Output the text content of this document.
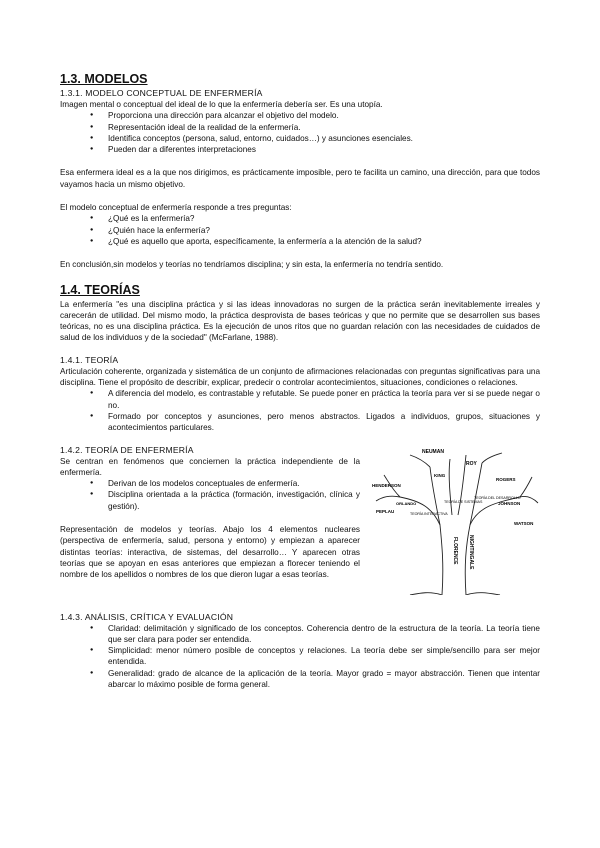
1.3. MODELOS
1.3.1. MODELO CONCEPTUAL DE ENFERMERÍA

Imagen mental o conceptual del ideal de lo que la enfermería debería ser. Es una utopía.

● Proporciona una dirección para alcanzar el objetivo del modelo.
● Representación ideal de la realidad de la enfermería.
● Identifica conceptos (persona, salud, entorno, cuidados…) y asunciones esenciales.
● Pueden dar a diferentes interpretaciones

Esa enfermera ideal es a la que nos dirigimos, es prácticamente imposible, pero te facilita un camino, una dirección, para que todos vayamos hacia un mismo objetivo.

El modelo conceptual de enfermería responde a tres preguntas:

● ¿Qué es la enfermería?
● ¿Quién hace la enfermería?
● ¿Qué es aquello que aporta, específicamente, la enfermería a la atención de la salud?

En conclusión,sin modelos y teorías no tendríamos disciplina; y sin esta, la enfermería no tendría sentido.

1.4. TEORÍAS

La enfermería "es una disciplina práctica y si las ideas innovadoras no surgen de la práctica serán inevitablemente irreales y carecerán de utilidad. Del mismo modo, la práctica desprovista de bases teóricas y que no permite que se desarrollen sus bases teóricas, no es una disciplina práctica. Es la ejecución de unos ritos que no guardan relación con las necesidades de cuidados de salud de los individuos y de la sociedad" (McFarlane, 1988).

1.4.1. TEORÍA

Articulación coherente, organizada y sistemática de un conjunto de afirmaciones relacionadas con preguntas significativas para una disciplina. Tiene el propósito de describir, explicar, predecir o controlar acontecimientos, situaciones, condiciones o relaciones.

● A diferencia del modelo, es contrastable y refutable. Se puede poner en práctica la teoría para ver si se puede negar o no.
● Formado por conceptos y asunciones, pero menos abstractos. Ligados a individuos, grupos, situaciones y acontecimientos particulares.
1.4.2. TEORÍA DE ENFERMERÍA

Se centran en fenómenos que conciernen la práctica independiente de la enfermería.

● Derivan de los modelos conceptuales de enfermería.
● Disciplina orientada a la práctica (formación, investigación, clínica y gestión).

Representación de modelos y teorías. Abajo los 4 elementos nucleares (perspectiva de enfermería, salud, persona y entorno) y empiezan a aparecer distintas teorías: interactiva, de sistemas, del desarrollo… Y aparecen otras teorías que se apoyan en esas anteriores que empiezan a florecer teniendo el nombre de los apellidos o nombres de los que dieron lugar a esas teorías.

NEUMAN
KING
ROY
ROGERS
HENDERSON
PEPLAU
ORLANDO	JOHNSON
WATSON
TEORÍA DE SISTEMAS
TEORÍA INTERACTIVA
TEORÍA DEL DESARROLLO
FLORENCE NIGHTINGALE
1.4.3. ANÁLISIS, CRÍTICA Y EVALUACIÓN
● Claridad: delimitación y significado de los conceptos. Coherencia dentro de la estructura de la teoría. La teoría tiene que ser clara para poder ser entendida.
● Simplicidad: menor número posible de conceptos y relaciones. La teoría debe ser simple/sencillo para ser mejor entendida.
● Generalidad: grado de alcance de la aplicación de la teoría. Mayor grado = mayor abstracción. Tienen que intentar abarcar lo máximo posible de forma general.
